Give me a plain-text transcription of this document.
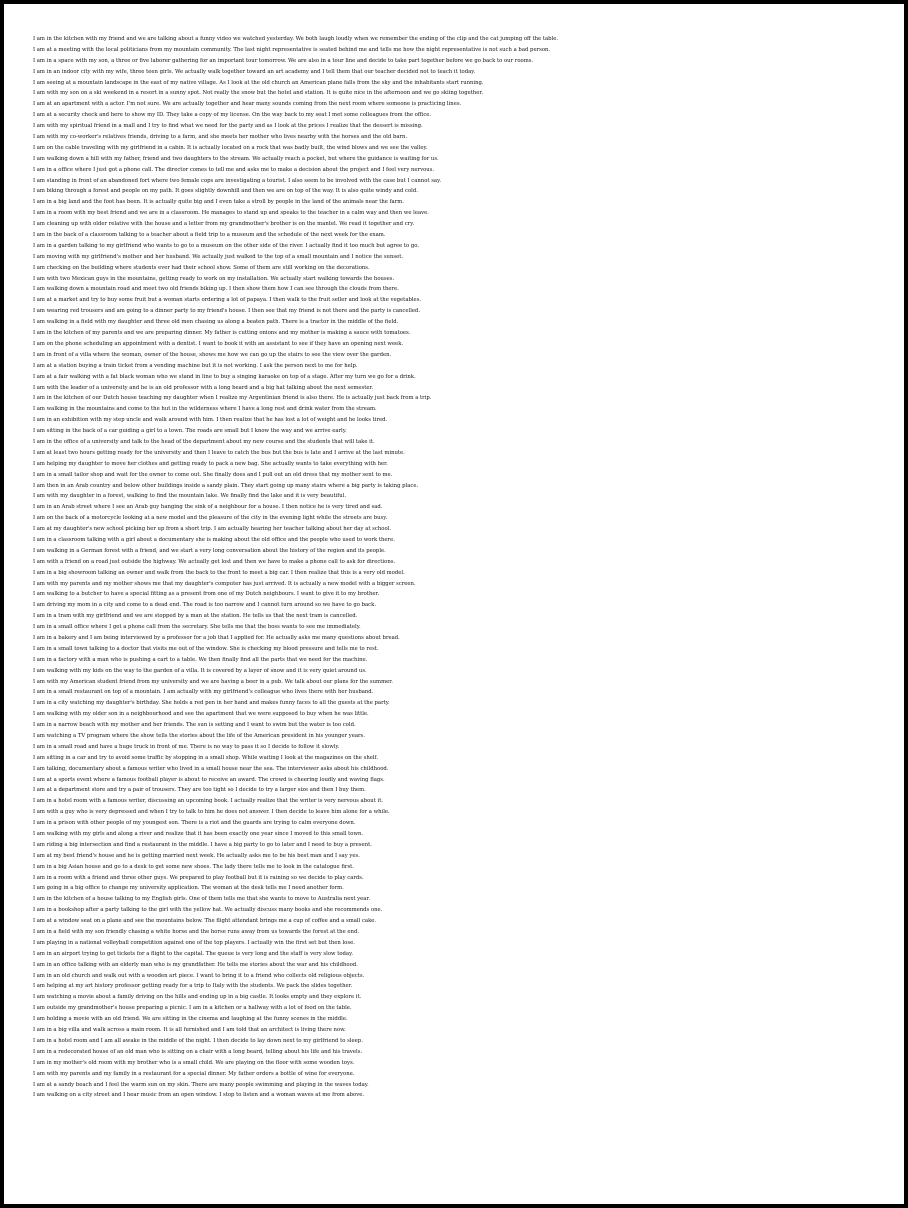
I am in the kitchen with my friend and we are talking about a funny video we watched yesterday. We both laugh loudly when we remember the ending of the clip and the cat jumping off the table.
I am at a meeting with the local politicians from my mountain community. The last night representative is seated behind me and tells me how the night representative is not such a bad person.
I am in a space with my son, a three or five laborer gathering for an important tour tomorrow. We are also in a tour line and decide to take part together before we go back to our rooms.
I am in an indoor city with my wife, three teen girls. We actually walk together toward an art academy and I tell them that our teacher decided not to teach it today.
I am seeing at a mountain landscape in the east of my native village. As I look at the old church an American plane falls from the sky and the inhabitants start running.
I am with my son on a ski weekend in a resort in a sunny spot. Not really the snow but the hotel and station. It is quite nice in the afternoon and we go skiing together.
I am at an apartment with a actor. I'm not sure. We are actually together and hear many sounds coming from the next room where someone is practicing lines.
I am at a security check and here to show my ID. They take a copy of my license. On the way back to my seat I met some colleagues from the office.
I am with my spiritual friend in a mall and I try to find what we need for the party and as I look at the prices I realize that the dessert is missing.
I am with my co-worker's relatives friends, driving to a farm, and she meets her mother who lives nearby with the horses and the old barn.
I am on the cable traveling with my girlfriend in a cabin. It is actually located on a rock that was badly built, the wind blows and we see the valley.
I am walking down a hill with my father, friend and two daughters to the stream. We actually reach a pocket, but where the guidance is waiting for us.
I am in a office where I just got a phone call. The director comes to tell me and asks me to make a decision about the project and I feel very nervous.
I am standing in front of an abandoned fort where two female cops are investigating a tourist. I also seem to be involved with the case but I cannot say.
I am biking through a forest and people on my path. It goes slightly downhill and then we are on top of the way. It is also quite windy and cold.
I am in a big land and the foot has been. It is actually quite big and I even take a stroll by people in the land of the animals near the farm.
I am in a room with my best friend and we are in a classroom. He manages to stand up and speaks to the teacher in a calm way and then we leave.
I am cleaning up with older relative with the house and a letter from my grandmother's brother is on the mantel. We read it together and cry.
I am in the back of a classroom talking to a teacher about a field trip to a museum and the schedule of the next week for the exam.
I am in a garden talking to my girlfriend who wants to go to a museum on the other side of the river. I actually find it too much but agree to go.
I am moving with my girlfriend's mother and her husband. We actually just walked to the top of a small mountain and I notice the sunset.
I am checking on the building where students ever had their school show. Some of them are still working on the decorations.
I am with two Mexican guys in the mountains, getting ready to work on my installation. We actually start walking towards the houses.
I am walking down a mountain road and meet two old friends biking up. I then show them how I can see through the clouds from there.
I am at a market and try to buy some fruit but a woman starts ordering a lot of papaya. I then walk to the fruit seller and look at the vegetables.
I am wearing red trousers and am going to a dinner party to my friend's house. I then see that my friend is not there and the party is cancelled.
I am walking in a field with my daughter and three old men chasing us along a beaten path. There is a tractor in the middle of the field.
I am in the kitchen of my parents and we are preparing dinner. My father is cutting onions and my mother is making a sauce with tomatoes.
I am on the phone scheduling an appointment with a dentist. I want to book it with an assistant to see if they have an opening next week.
I am in front of a villa where the woman, owner of the house, shows me how we can go up the stairs to see the view over the garden.
I am at a station buying a train ticket from a vending machine but it is not working. I ask the person next to me for help.
I am at a fair walking with a fat black woman who we stand in line to buy a singing karaoke on top of a stage. After my turn we go for a drink.
I am with the leader of a university and he is an old professor with a long beard and a big hat talking about the next semester.
I am in the kitchen of our Dutch house teaching my daughter when I realize my Argentinian friend is also there. He is actually just back from a trip.
I am walking in the mountains and come to the hut in the wilderness where I have a long rest and drink water from the stream.
I am in an exhibition with my step uncle and walk around with him. I then realize that he has lost a lot of weight and he looks tired.
I am sitting in the back of a car guiding a girl to a town. The roads are small but I know the way and we arrive early.
I am in the office of a university and talk to the head of the department about my new course and the students that will take it.
I am at least two hours getting ready for the university and then I leave to catch the bus but the bus is late and I arrive at the last minute.
I am helping my daughter to move her clothes and getting ready to pack a new bag. She actually wants to take everything with her.
I am in a small tailor shop and wait for the owner to come out. She finally does and I pull out an old dress that my mother sent to me.
I am then in an Arab country and below other buildings inside a sandy plain. They start going up many stairs where a big party is taking place.
I am with my daughter in a forest, walking to find the mountain lake. We finally find the lake and it is very beautiful.
I am in an Arab street where I see an Arab guy hanging the sink of a neighbour for a house. I then notice he is very tired and sad.
I am on the back of a motorcycle looking at a new model and the pleasure of the city in the evening light while the streets are busy.
I am at my daughter's new school picking her up from a short trip. I am actually hearing her teacher talking about her day at school.
I am in a classroom talking with a girl about a documentary she is making about the old office and the people who used to work there.
I am walking in a German forest with a friend, and we start a very long conversation about the history of the region and its people.
I am with a friend on a road just outside the highway. We actually get lost and then we have to make a phone call to ask for directions.
I am in a big showroom talking an owner and walk from the back to the front to meet a big car. I then realize that this is a very old model.
I am with my parents and my mother shows me that my daughter's computer has just arrived. It is actually a new model with a bigger screen.
I am walking to a butcher to have a special fitting as a present from one of my Dutch neighbours. I want to give it to my brother.
I am driving my mom in a city and come to a dead end. The road is too narrow and I cannot turn around so we have to go back.
I am in a tram with my girlfriend and we are stopped by a man at the station. He tells us that the next tram is cancelled.
I am in a small office where I get a phone call from the secretary. She tells me that the boss wants to see me immediately.
I am in a bakery and I am being interviewed by a professor for a job that I applied for. He actually asks me many questions about bread.
I am in a small town talking to a doctor that visits me out of the window. She is checking my blood pressure and tells me to rest.
I am in a factory with a man who is pushing a cart to a table. We then finally find all the parts that we need for the machine.
I am walking with my kids on the way to the garden of a villa. It is covered by a layer of snow and it is very quiet around us.
I am with my American student friend from my university and we are having a beer in a pub. We talk about our plans for the summer.
I am in a small restaurant on top of a mountain. I am actually with my girlfriend's colleague who lives there with her husband.
I am in a city watching my daughter's birthday. She holds a red pen in her hand and makes funny faces to all the guests at the party.
I am walking with my older son in a neighbourhood and see the apartment that we were supposed to buy when he was little.
I am in a narrow beach with my mother and her friends. The sun is setting and I want to swim but the water is too cold.
I am watching a TV program where the show tells the stories about the life of the American president in his younger years.
I am in a small road and have a huge truck in front of me. There is no way to pass it so I decide to follow it slowly.
I am sitting in a car and try to avoid some traffic by stopping in a small shop. While waiting I look at the magazines on the shelf.
I am talking, documentary about a famous writer who lived in a small house near the sea. The interviewer asks about his childhood.
I am at a sports event where a famous football player is about to receive an award. The crowd is cheering loudly and waving flags.
I am at a department store and try a pair of trousers. They are too tight so I decide to try a larger size and then I buy them.
I am in a hotel room with a famous writer, discussing an upcoming book. I actually realize that the writer is very nervous about it.
I am with a guy who is very depressed and when I try to talk to him he does not answer. I then decide to leave him alone for a while.
I am in a prison with other people of my youngest son. There is a riot and the guards are trying to calm everyone down.
I am walking with my girls and along a river and realize that it has been exactly one year since I moved to this small town.
I am riding a big intersection and find a restaurant in the middle. I have a big party to go to later and I need to buy a present.
I am at my best friend's house and he is getting married next week. He actually asks me to be his best man and I say yes.
I am in a big Asian house and go to a desk to get some new shoes. The lady there tells me to look in the catalogue first.
I am in a room with a friend and three other guys. We prepared to play football but it is raining so we decide to play cards.
I am going in a big office to change my university application. The woman at the desk tells me I need another form.
I am in the kitchen of a house talking to my English girls. One of them tells me that she wants to move to Australia next year.
I am in a bookshop after a party talking to the girl with the yellow hat. We actually discuss many books and she recommends one.
I am at a window seat on a plane and see the mountains below. The flight attendant brings me a cup of coffee and a small cake.
I am in a field with my son friendly chasing a white horse and the horse runs away from us towards the forest at the end.
I am playing in a national volleyball competition against one of the top players. I actually win the first set but then lose.
I am in an airport trying to get tickets for a flight to the capital. The queue is very long and the staff is very slow today.
I am in an office talking with an elderly man who is my grandfather. He tells me stories about the war and his childhood.
I am in an old church and walk out with a wooden art piece. I want to bring it to a friend who collects old religious objects.
I am helping at my art history professor getting ready for a trip to Italy with the students. We pack the slides together.
I am watching a movie about a family driving on the hills and ending up in a big castle. It looks empty and they explore it.
I am outside my grandmother's house preparing a picnic. I am in a kitchen or a hallway with a lot of food on the table.
I am holding a movie with an old friend. We are sitting in the cinema and laughing at the funny scenes in the middle.
I am in a big villa and walk across a main room. It is all furnished and I am told that an architect is living there now.
I am in a hotel room and I am all awake in the middle of the night. I then decide to lay down next to my girlfriend to sleep.
I am in a redecorated house of an old man who is sitting on a chair with a long beard, telling about his life and his travels.
I am in my mother's old room with my brother who is a small child. We are playing on the floor with some wooden toys.
I am with my parents and my family in a restaurant for a special dinner. My father orders a bottle of wine for everyone.
I am at a sandy beach and I feel the warm sun on my skin. There are many people swimming and playing in the waves today.
I am walking on a city street and I hear music from an open window. I stop to listen and a woman waves at me from above.
